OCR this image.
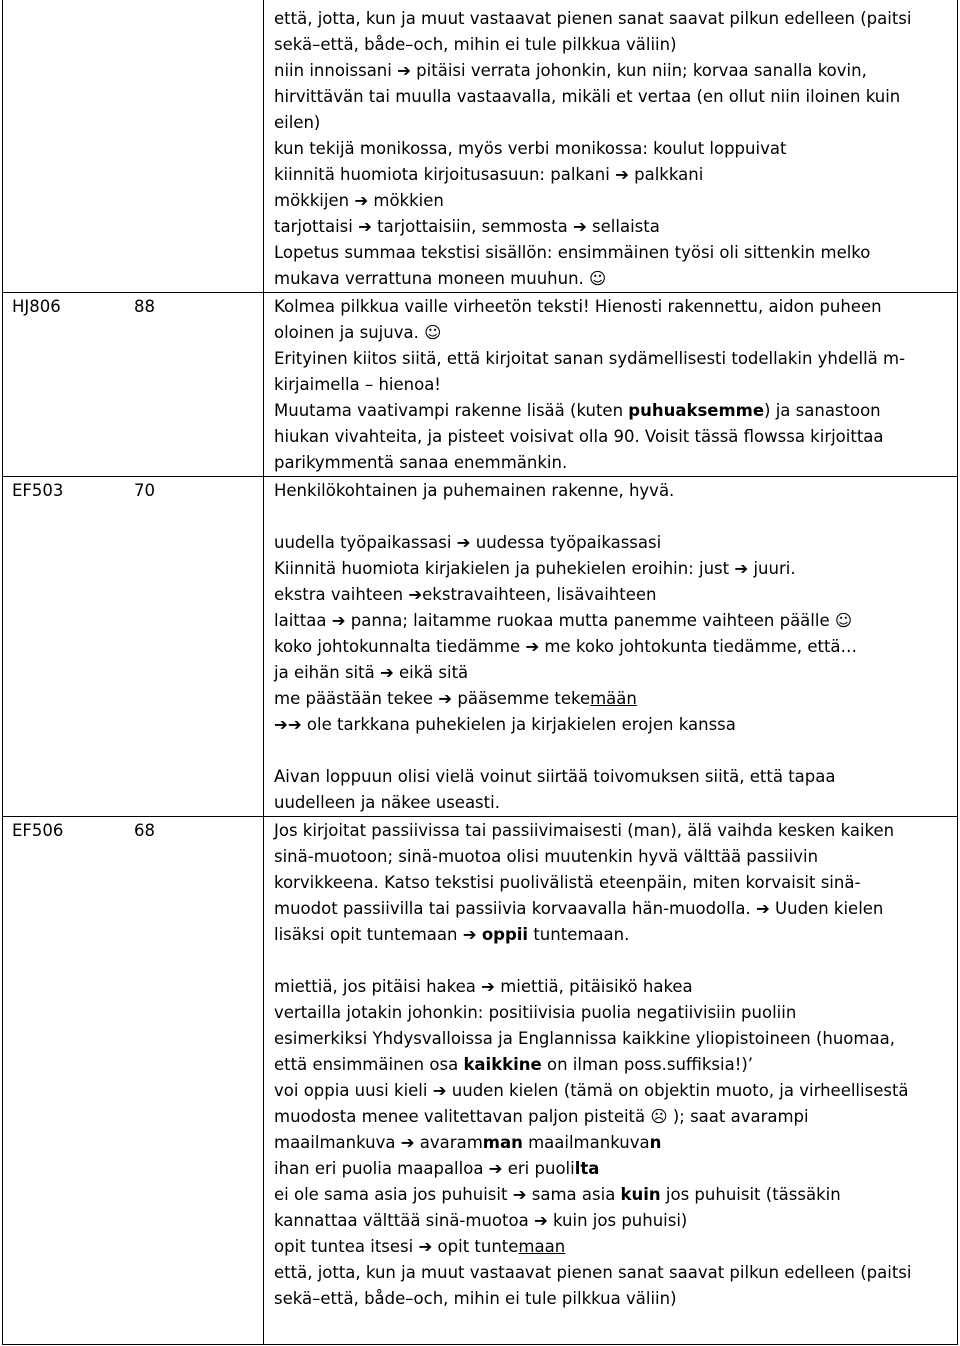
että, jotta, kun ja muut vastaavat pienen sanat saavat pilkun edelleen (paitsi
sekä–että, både–och, mihin ei tule pilkkua väliin)
niin innoissani ➔ pitäisi verrata johonkin, kun niin; korvaa sanalla kovin,
hirvittävän tai muulla vastaavalla, mikäli et vertaa (en ollut niin iloinen kuin
eilen)
kun tekijä monikossa, myös verbi monikossa: koulut loppuivat
kiinnitä huomiota kirjoitusasuun: palkani ➔ palkkani
mökkijen ➔ mökkien
tarjottaisi ➔ tarjottaisiin, semmosta ➔ sellaista
Lopetus summaa tekstisi sisällön: ensimmäinen työsi oli sittenkin melko
mukava verrattuna moneen muuhun. ☺
HJ806	88	Kolmea pilkkua vaille virheetön teksti! Hienosti rakennettu, aidon puheen
oloinen ja sujuva. ☺
Erityinen kiitos siitä, että kirjoitat sanan sydämellisesti todellakin yhdellä m-
kirjaimella – hienoa!
Muutama vaativampi rakenne lisää (kuten puhuaksemme) ja sanastoon
hiukan vivahteita, ja pisteet voisivat olla 90. Voisit tässä flowssa kirjoittaa
parikymmentä sanaa enemmänkin.
EF503	70	Henkilökohtainen ja puhemainen rakenne, hyvä.
uudella työpaikassasi ➔ uudessa työpaikassasi
Kiinnitä huomiota kirjakielen ja puhekielen eroihin: just ➔ juuri.
ekstra vaihteen ➔ekstravaihteen, lisävaihteen
laittaa ➔ panna; laitamme ruokaa mutta panemme vaihteen päälle ☺
koko johtokunnalta tiedämme ➔ me koko johtokunta tiedämme, että…
ja eihän sitä ➔ eikä sitä
me päästään tekee ➔ pääsemme tekemään
➔➔ ole tarkkana puhekielen ja kirjakielen erojen kanssa
Aivan loppuun olisi vielä voinut siirtää toivomuksen siitä, että tapaa
uudelleen ja näkee useasti.
EF506	68	Jos kirjoitat passiivissa tai passiivimaisesti (man), älä vaihda kesken kaiken
sinä-muotoon; sinä-muotoa olisi muutenkin hyvä välttää passiivin
korvikkeena. Katso tekstisi puolivälistä eteenpäin, miten korvaisit sinä-
muodot passiivilla tai passiivia korvaavalla hän-muodolla. ➔ Uuden kielen
lisäksi opit tuntemaan ➔ oppii tuntemaan.
miettiä, jos pitäisi hakea ➔ miettiä, pitäisikö hakea
vertailla jotakin johonkin: positiivisia puolia negatiivisiin puoliin
esimerkiksi Yhdysvalloissa ja Englannissa kaikkine yliopistoineen (huomaa,
että ensimmäinen osa kaikkine on ilman poss.suffiksia!)’
voi oppia uusi kieli ➔ uuden kielen (tämä on objektin muoto, ja virheellisestä
muodosta menee valitettavan paljon pisteitä ☹ ); saat avarampi
maailmankuva ➔ avaramman maailmankuvan
ihan eri puolia maapalloa ➔ eri puolilta
ei ole sama asia jos puhuisit ➔ sama asia kuin jos puhuisit (tässäkin
kannattaa välttää sinä-muotoa ➔ kuin jos puhuisi)
opit tuntea itsesi ➔ opit tuntemaan
että, jotta, kun ja muut vastaavat pienen sanat saavat pilkun edelleen (paitsi
sekä–että, både–och, mihin ei tule pilkkua väliin)
